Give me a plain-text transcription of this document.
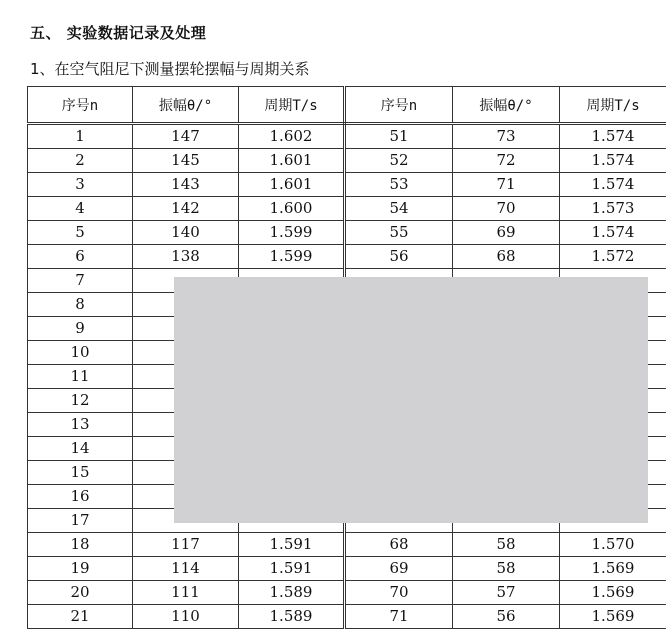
五、 实验数据记录及处理
1、在空气阻尼下测量摆轮摆幅与周期关系
序号n	振幅θ/°	周期T/s	序号n	振幅θ/°	周期T/s
1	147	1.602	51	73	1.574
2	145	1.601	52	72	1.574
3	143	1.601	53	71	1.574
4	142	1.600	54	70	1.573
5	140	1.599	55	69	1.574
6	138	1.599	56	68	1.572
7					
8					
9					
10					
11					
12					
13					
14					
15					
16					
17					
18	117	1.591	68	58	1.570
19	114	1.591	69	58	1.569
20	111	1.589	70	57	1.569
21	110	1.589	71	56	1.569
